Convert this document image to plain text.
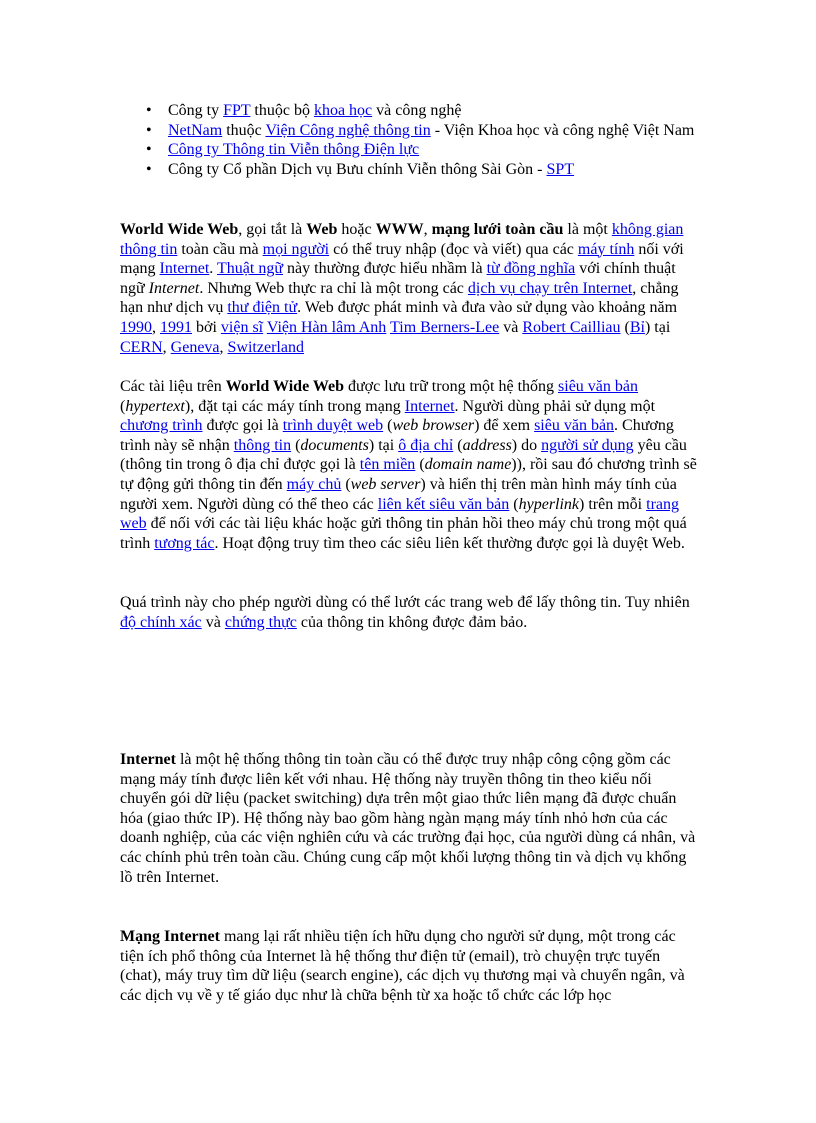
• Công ty FPT thuộc bộ khoa học và công nghệ
• NetNam thuộc Viện Công nghệ thông tin - Viện Khoa học và công nghệ Việt Nam
• Công ty Thông tin Viễn thông Điện lực
• Công ty Cổ phần Dịch vụ Bưu chính Viễn thông Sài Gòn - SPT

World Wide Web, gọi tắt là Web hoặc WWW, mạng lưới toàn cầu là một không gian thông tin toàn cầu mà mọi người có thể truy nhập (đọc và viết) qua các máy tính nối với mạng Internet. Thuật ngữ này thường được hiểu nhầm là từ đồng nghĩa với chính thuật ngữ Internet. Nhưng Web thực ra chỉ là một trong các dịch vụ chạy trên Internet, chẳng hạn như dịch vụ thư điện tử. Web được phát minh và đưa vào sử dụng vào khoảng năm 1990, 1991 bởi viện sĩ Viện Hàn lâm Anh Tim Berners-Lee và Robert Cailliau (Bỉ) tại CERN, Geneva, Switzerland

Các tài liệu trên World Wide Web được lưu trữ trong một hệ thống siêu văn bản (hypertext), đặt tại các máy tính trong mạng Internet. Người dùng phải sử dụng một chương trình được gọi là trình duyệt web (web browser) để xem siêu văn bản. Chương trình này sẽ nhận thông tin (documents) tại ô địa chỉ (address) do người sử dụng yêu cầu (thông tin trong ô địa chỉ được gọi là tên miền (domain name)), rồi sau đó chương trình sẽ tự động gửi thông tin đến máy chủ (web server) và hiển thị trên màn hình máy tính của người xem. Người dùng có thể theo các liên kết siêu văn bản (hyperlink) trên mỗi trang web để nối với các tài liệu khác hoặc gửi thông tin phản hồi theo máy chủ trong một quá trình tương tác. Hoạt động truy tìm theo các siêu liên kết thường được gọi là duyệt Web.

Quá trình này cho phép người dùng có thể lướt các trang web để lấy thông tin. Tuy nhiên độ chính xác và chứng thực của thông tin không được đảm bảo.

Internet là một hệ thống thông tin toàn cầu có thể được truy nhập công cộng gồm các mạng máy tính được liên kết với nhau. Hệ thống này truyền thông tin theo kiểu nối chuyển gói dữ liệu (packet switching) dựa trên một giao thức liên mạng đã được chuẩn hóa (giao thức IP). Hệ thống này bao gồm hàng ngàn mạng máy tính nhỏ hơn của các doanh nghiệp, của các viện nghiên cứu và các trường đại học, của người dùng cá nhân, và các chính phủ trên toàn cầu. Chúng cung cấp một khối lượng thông tin và dịch vụ khổng lồ trên Internet.

Mạng Internet mang lại rất nhiều tiện ích hữu dụng cho người sử dụng, một trong các tiện ích phổ thông của Internet là hệ thống thư điện tử (email), trò chuyện trực tuyến (chat), máy truy tìm dữ liệu (search engine), các dịch vụ thương mại và chuyển ngân, và các dịch vụ về y tế giáo dục như là chữa bệnh từ xa hoặc tổ chức các lớp học
